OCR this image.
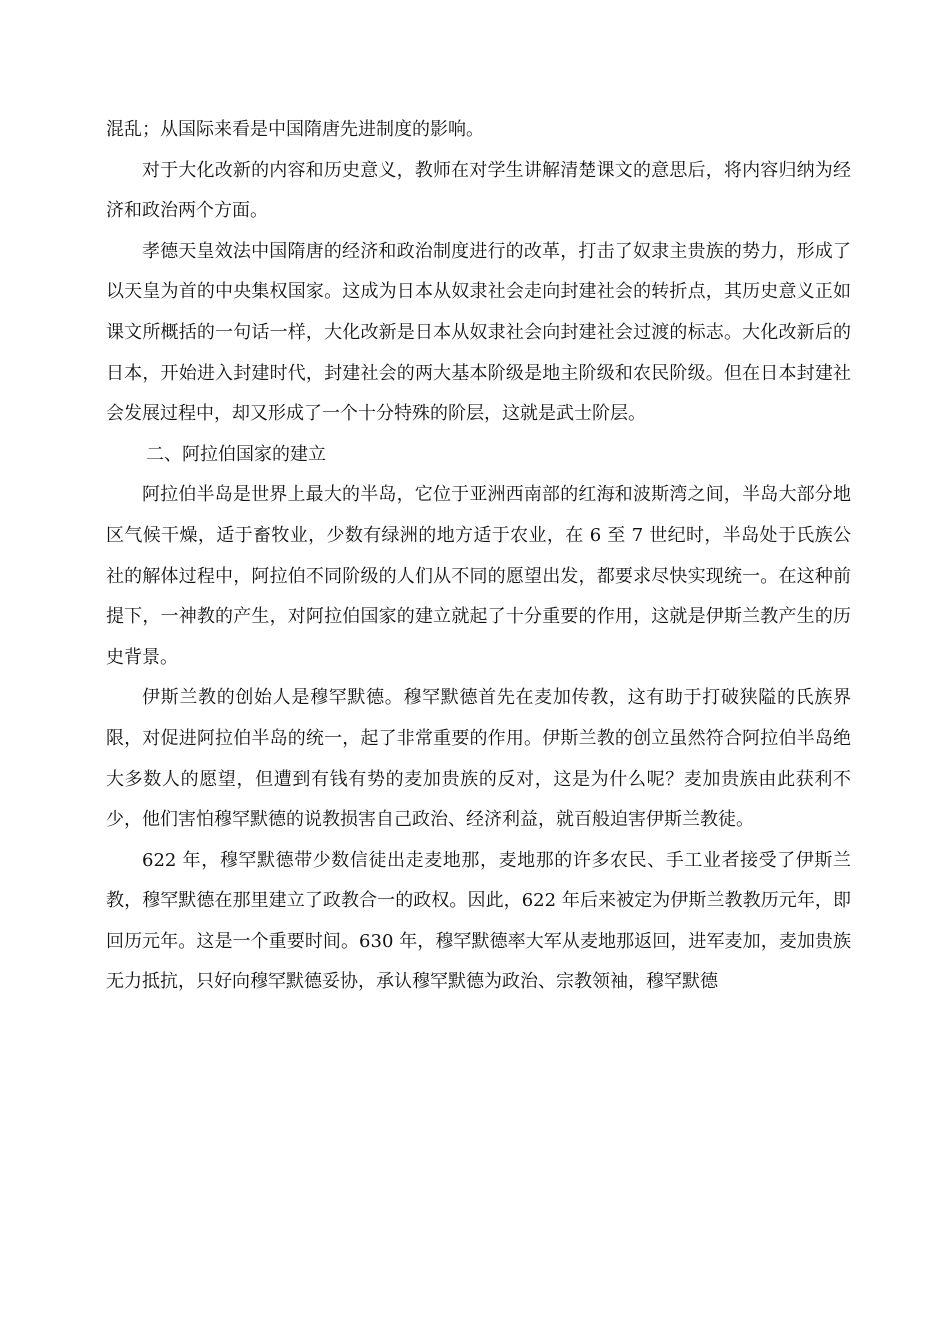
混乱；从国际来看是中国隋唐先进制度的影响。

对于大化改新的内容和历史意义，教师在对学生讲解清楚课文的意思后，将内容归纳为经济和政治两个方面。

孝德天皇效法中国隋唐的经济和政治制度进行的改革，打击了奴隶主贵族的势力，形成了以天皇为首的中央集权国家。这成为日本从奴隶社会走向封建社会的转折点，其历史意义正如课文所概括的一句话一样，大化改新是日本从奴隶社会向封建社会过渡的标志。大化改新后的日本，开始进入封建时代，封建社会的两大基本阶级是地主阶级和农民阶级。但在日本封建社会发展过程中，却又形成了一个十分特殊的阶层，这就是武士阶层。

二、阿拉伯国家的建立

阿拉伯半岛是世界上最大的半岛，它位于亚洲西南部的红海和波斯湾之间，半岛大部分地区气候干燥，适于畜牧业，少数有绿洲的地方适于农业，在 6 至 7 世纪时，半岛处于氏族公社的解体过程中，阿拉伯不同阶级的人们从不同的愿望出发，都要求尽快实现统一。在这种前提下，一神教的产生，对阿拉伯国家的建立就起了十分重要的作用，这就是伊斯兰教产生的历史背景。

伊斯兰教的创始人是穆罕默德。穆罕默德首先在麦加传教，这有助于打破狭隘的氏族界限，对促进阿拉伯半岛的统一，起了非常重要的作用。伊斯兰教的创立虽然符合阿拉伯半岛绝大多数人的愿望，但遭到有钱有势的麦加贵族的反对，这是为什么呢？麦加贵族由此获利不少，他们害怕穆罕默德的说教损害自己政治、经济利益，就百般迫害伊斯兰教徒。

622 年，穆罕默德带少数信徒出走麦地那，麦地那的许多农民、手工业者接受了伊斯兰教，穆罕默德在那里建立了政教合一的政权。因此，622 年后来被定为伊斯兰教教历元年，即回历元年。这是一个重要时间。630 年，穆罕默德率大军从麦地那返回，进军麦加，麦加贵族无力抵抗，只好向穆罕默德妥协，承认穆罕默德为政治、宗教领袖，穆罕默德
